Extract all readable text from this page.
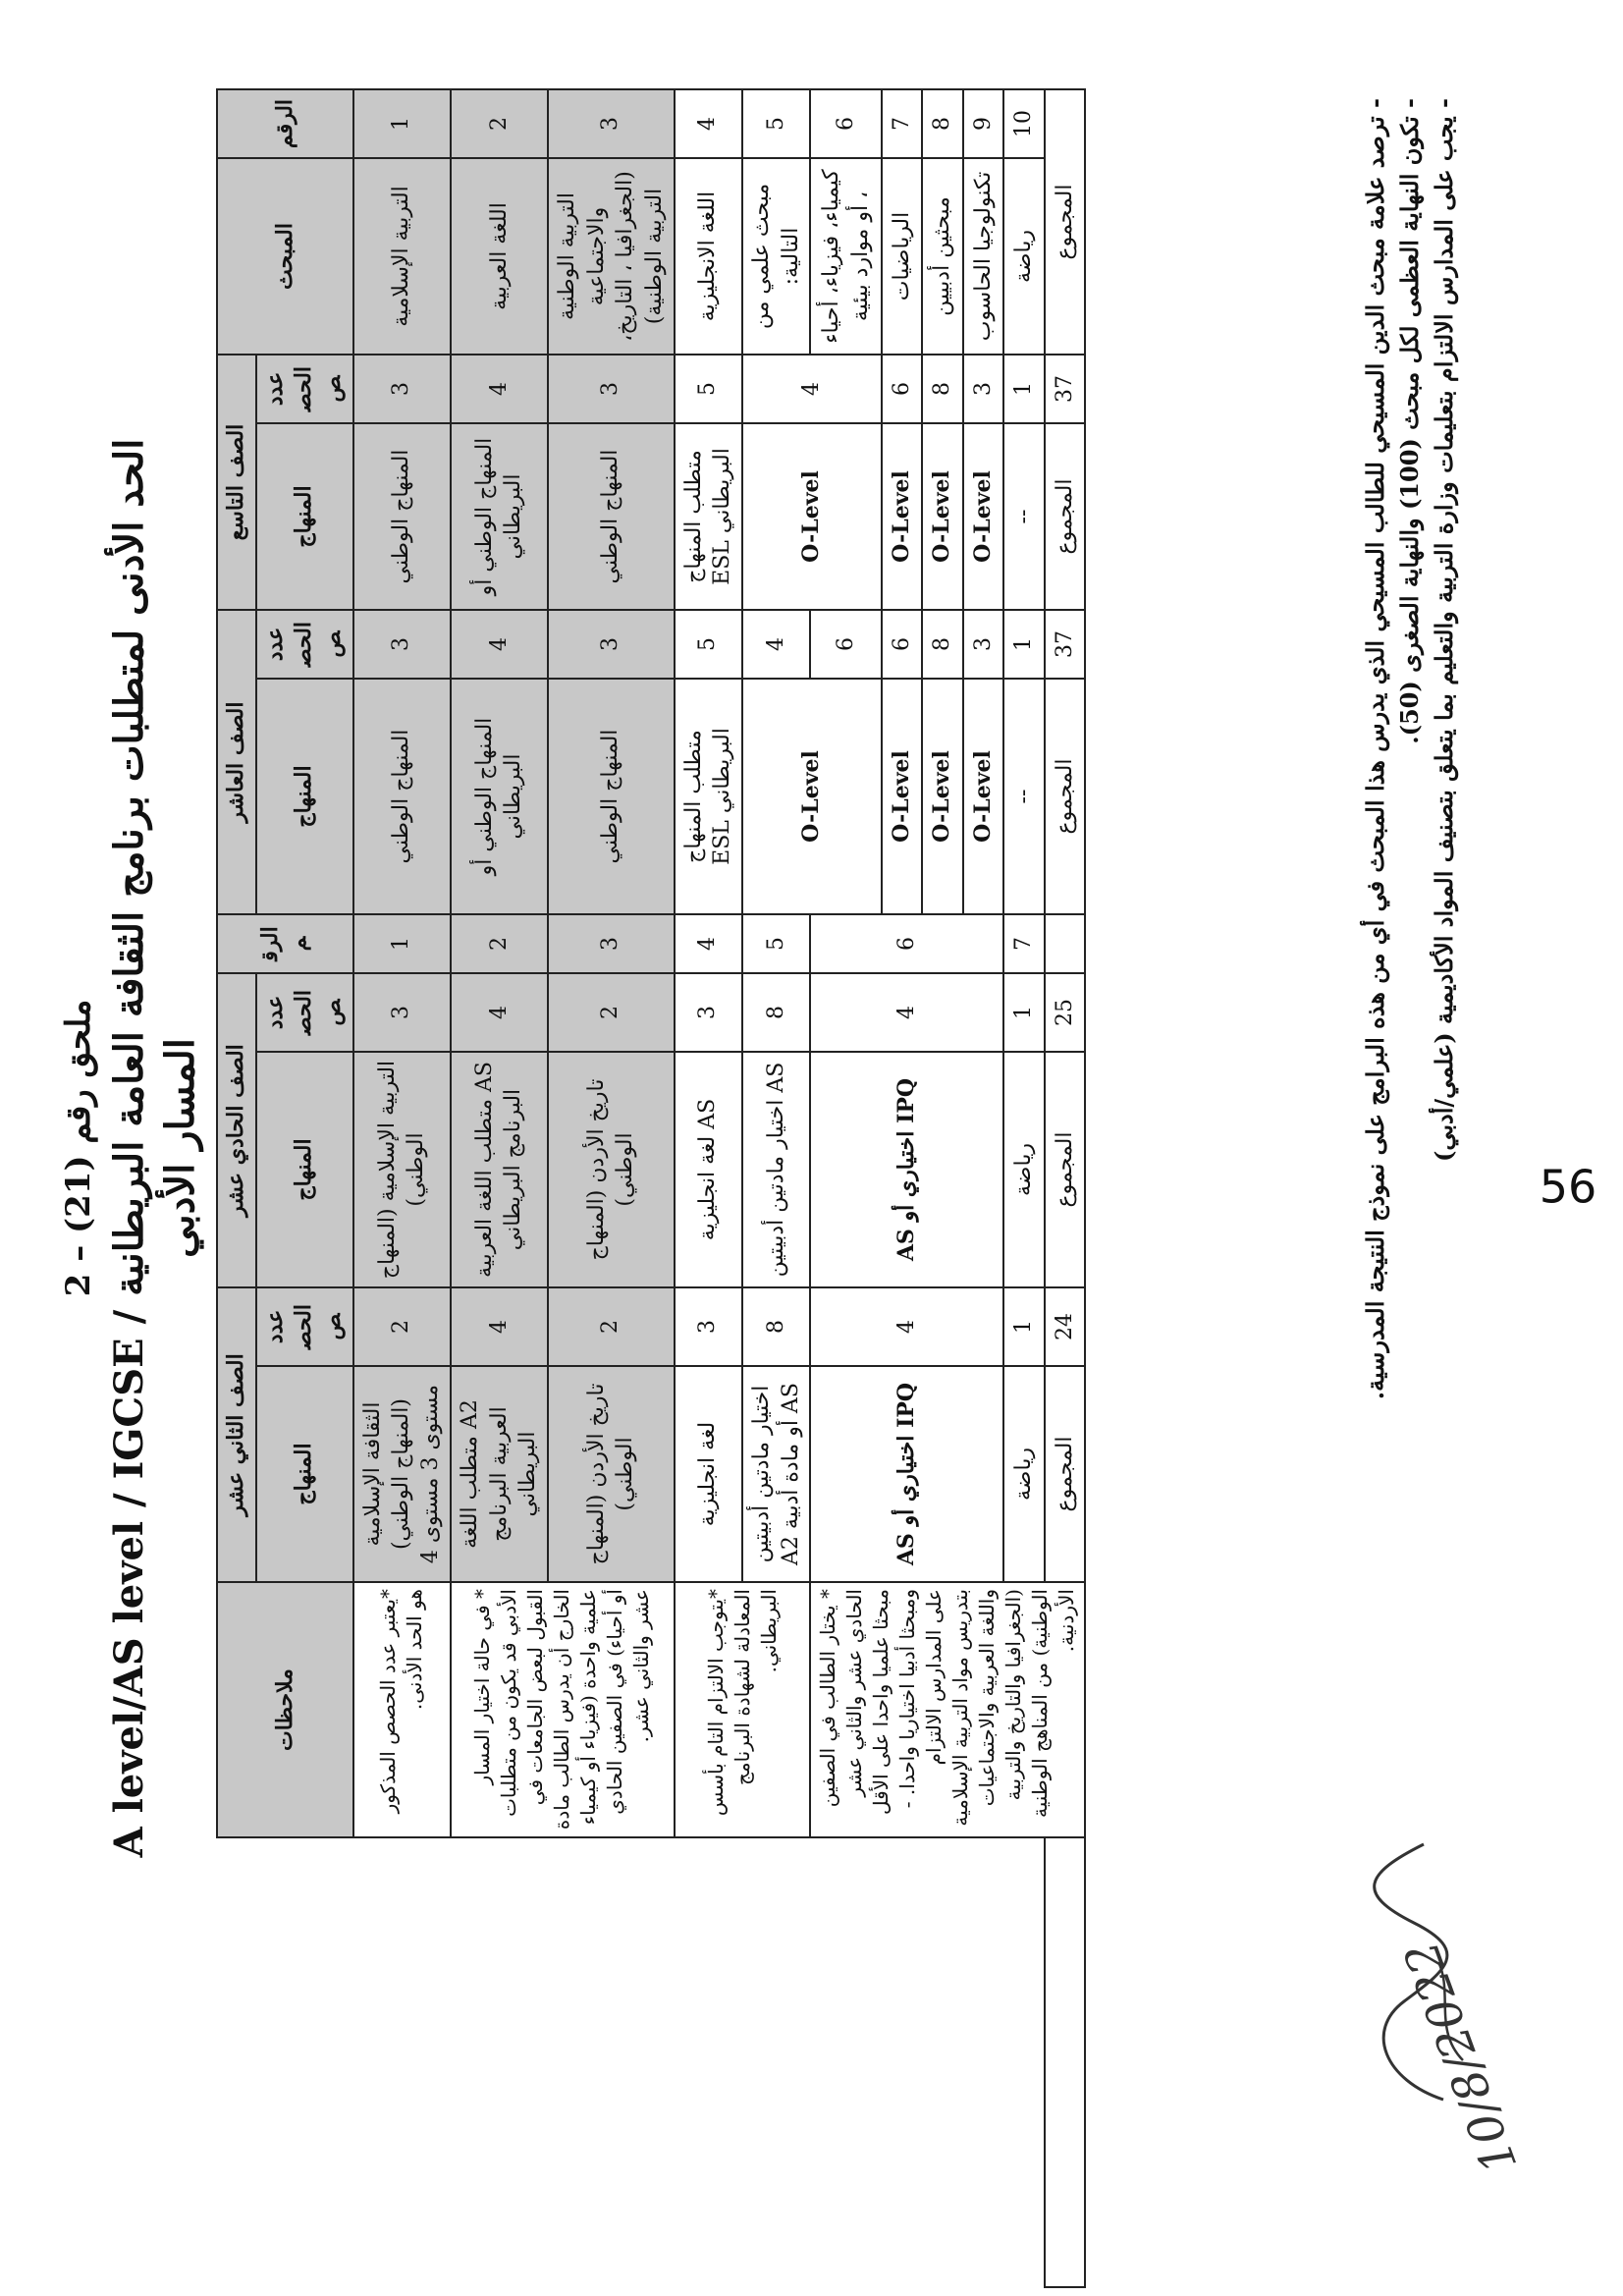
ملحق رقم (21) – 2
الحد الأدنى لمتطلبات برنامج الثقافة العامة البريطانية / A level/AS level / IGCSE المسار الأدبي
الرقم	المبحث	الصف التاسع		الصف العاشر		الرقم	الصف الحادي عشر		الصف الثاني عشر		ملاحظات	
		عدد الحصص	المنهاج	عدد الحصص	المنهاج		عدد الحصص	المنهاج	عدد الحصص	المنهاج		
1	التربية الإسلامية	3	المنهاج الوطني	3	المنهاج الوطني	1	3	التربية الإسلامية (المنهاج الوطني)	2	الثقافة الإسلامية (المنهاج الوطني) مستوى 3 مستوى 4	*يعتبر عدد الحصص المذكور هو الحد الأدنى.	
2	اللغة العربية	4	المنهاج الوطني أو البريطاني	4	المنهاج الوطني أو البريطاني	2	4	AS متطلب اللغة العربية البرنامج البريطاني	4	A2 متطلب اللغة العربية البرنامج البريطاني	* في حالة اختيار المسار الأدبي قد يكون من متطلبات القبول لبعض الجامعات في الخارج أن يدرس الطالب مادة علمية واحدة (فيزياء أو كيمياء أو أحياء) في الصفين الحادي عشر والثاني عشر.	
3	التربية الوطنية والاجتماعية (الجغرافيا ، التاريخ، التربية الوطنية)	3	المنهاج الوطني	3	المنهاج الوطني	3	2	تاريخ الأردن (المنهاج الوطني)	2	تاريخ الأردن (المنهاج الوطني)		
4	اللغة الانجليزية	5	متطلب المنهاج البريطاني ESL	5	متطلب المنهاج البريطاني ESL	4	3	AS لغة انجليزية	3	لغة انجليزية	*يتوجب الالتزام التام بأسس المعادلة لشهادة البرنامج البريطاني.	
5	مبحث علمي من التالية:	4	O-Level	4	O-Level	5	8	AS اختيار مادتين أدبيتين	8	اختيار مادتين أدبيتين AS أو مادة أدبية A2		
6	كيمياء، فيزياء، أحياء ، أو موارد بيئية			6		6	4	AS اختياري أو IPQ	4	AS اختياري أو IPQ	* يختار الطالب في الصفين الحادي عشر والثاني عشر مبحثا علميا واحدا على الأقل ومبحثا أدبيا اختياريا واحدا. - على المدارس الالتزام بتدريس مواد التربية الإسلامية واللغة العربية والاجتماعيات (الجغرافيا والتاريخ والتربية الوطنية) من المناهج الوطنية الأردنية.	
7	الرياضيات	6	O-Level	6	O-Level							
8	مبحثين أدبيين	8	O-Level	8	O-Level							
9	تكنولوجيا الحاسوب	3	O-Level	3	O-Level							
10	رياضة	1	--	1	--	7	1	رياضة	1	رياضة		
المجموع		37	المجموع	37	المجموع		25	المجموع	24	المجموع		
- ترصد علامة مبحث الدين المسيحي للطالب المسيحي الذي يدرس هذا المبحث في أي من هذه البرامج على نموذج النتيجة المدرسية. - تكون النهاية العظمى لكل مبحث (100) والنهاية الصغرى (50). - يجب على المدارس الالتزام بتعليمات وزارة التربية والتعليم بما يتعلق بتصنيف المواد الأكاديمية (علمي/أدبي)
56
10/8/2022
